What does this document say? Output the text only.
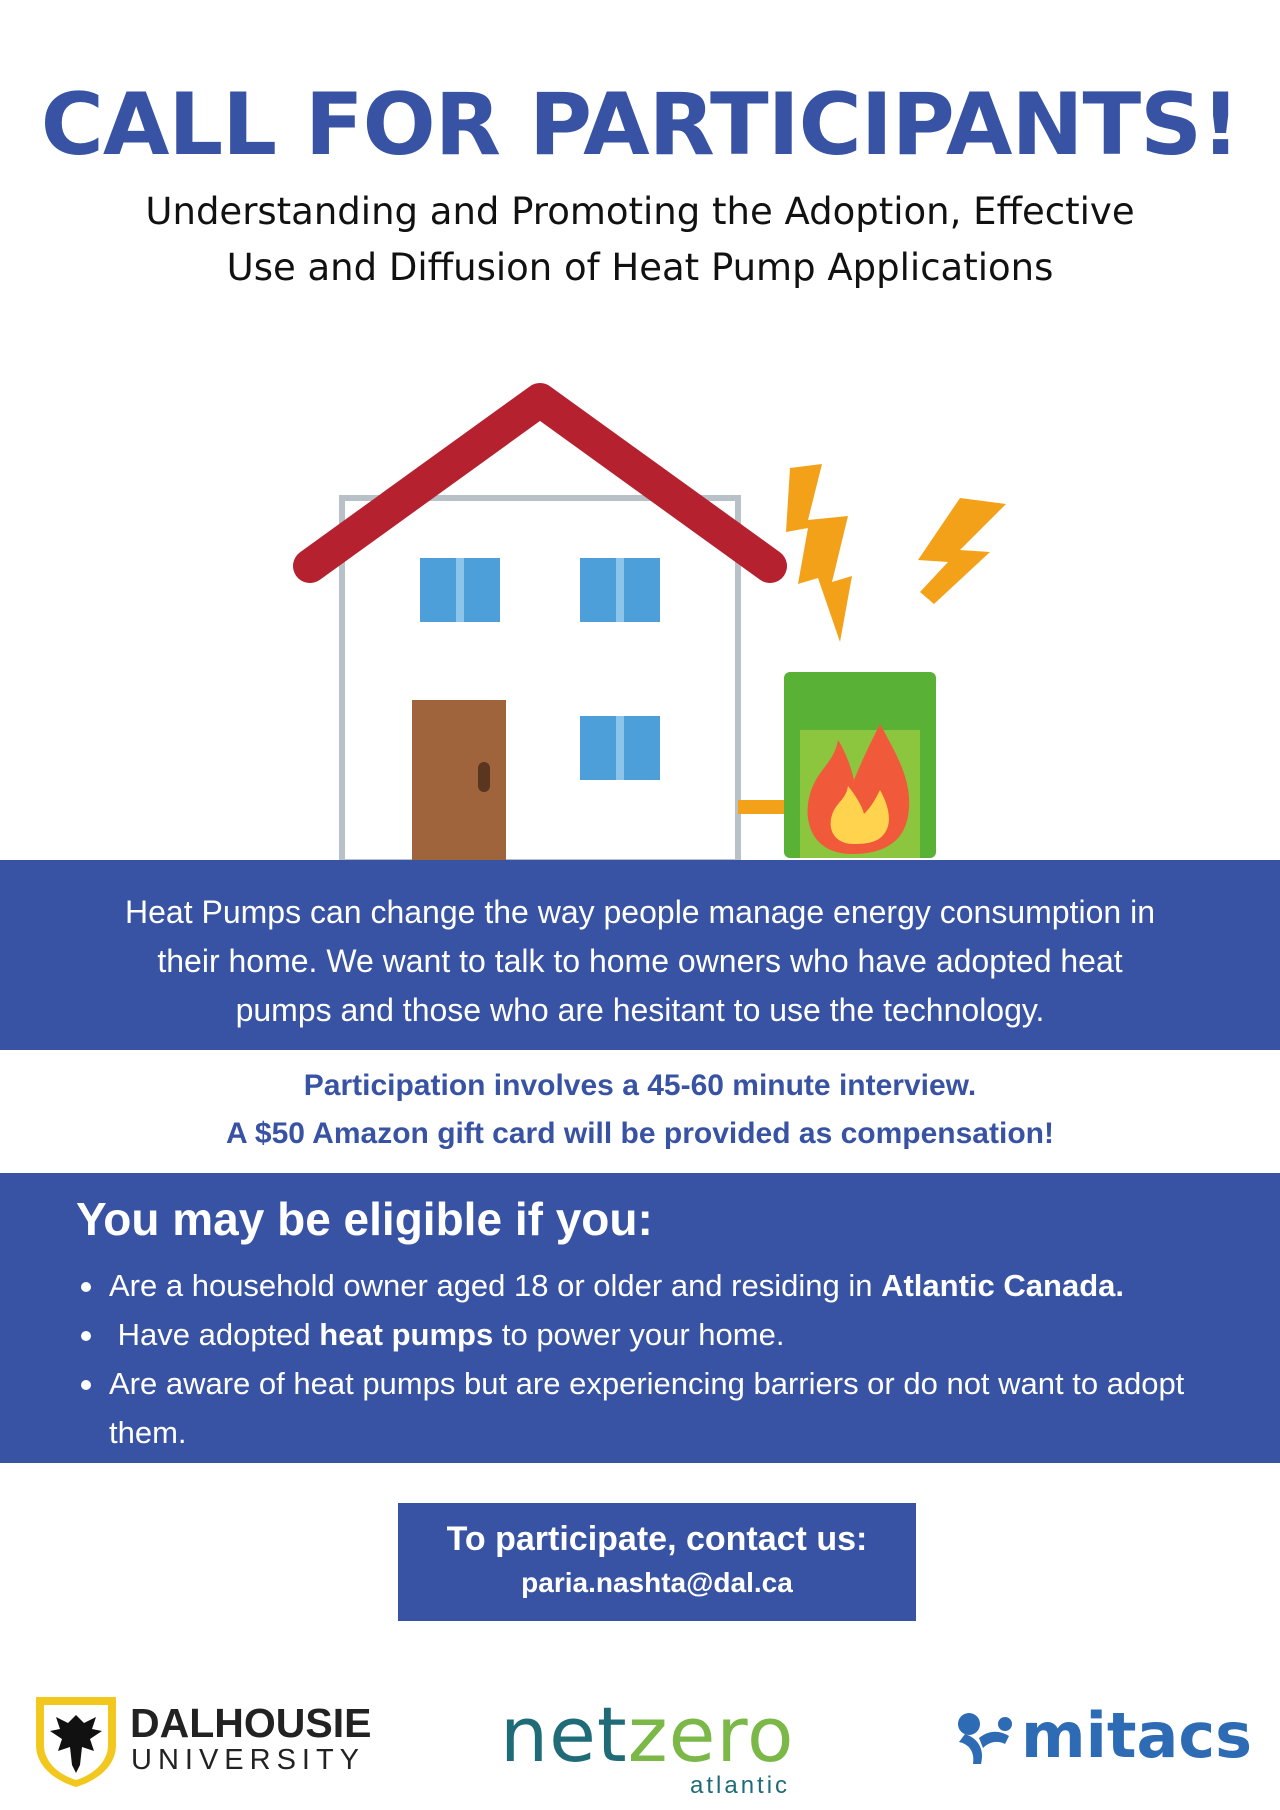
CALL FOR PARTICIPANTS!
Understanding and Promoting the Adoption, Effective
Use and Diffusion of Heat Pump Applications
Heat Pumps can change the way people manage energy consumption in
their home. We want to talk to home owners who have adopted heat
pumps and those who are hesitant to use the technology.
Participation involves a 45-60 minute interview.
A $50 Amazon gift card will be provided as compensation!
You may be eligible if you:
Are a household owner aged 18 or older and residing in Atlantic Canada.
Have adopted heat pumps to power your home.
Are aware of heat pumps but are experiencing barriers or do not want to adopt them.
To participate, contact us:
paria.nashta@dal.ca
DALHOUSIE
UNIVERSITY netzero
atlantic
mitacs
